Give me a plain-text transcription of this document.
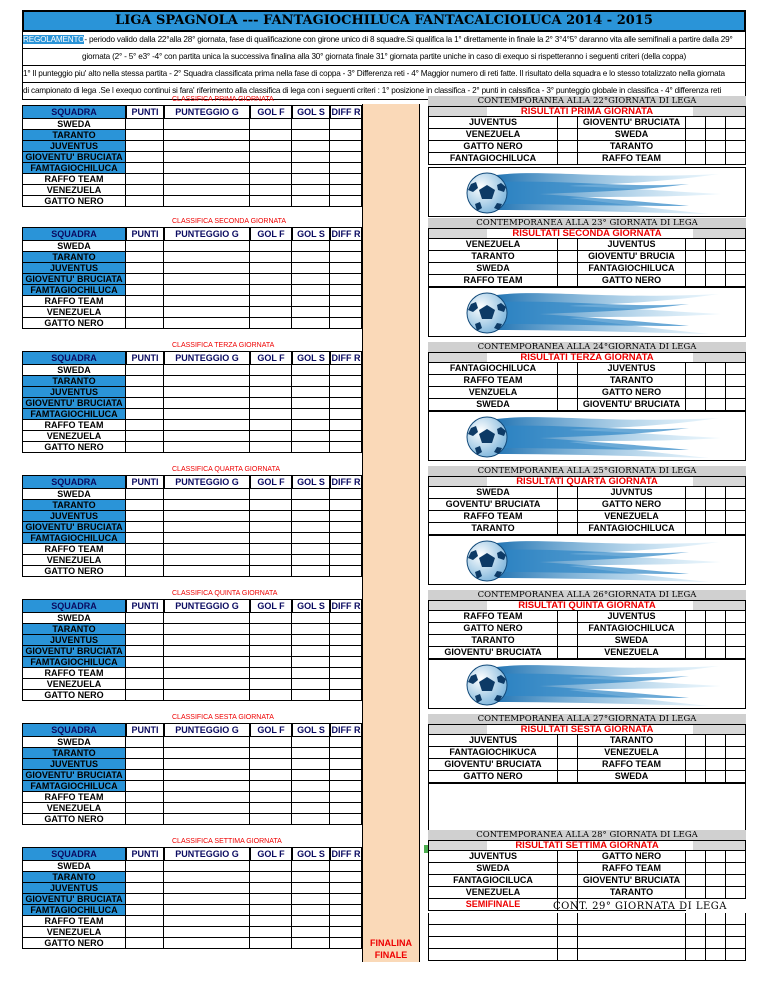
LIGA SPAGNOLA --- FANTAGIOCHILUCA FANTACALCIOLUCA 2014 - 2015
REGOLAMENTO- periodo valido dalla 22°alla 28° giornata, fase di qualificazione con girone unico di 8 squadre.Si qualifica la 1° direttamente in finale la 2° 3°4°5° daranno vita alle semifinali a partire dalla 29°
giornata (2° - 5° e3° -4° con partita unica la successiva finalina alla 30° giornata finale 31° giornata partite uniche in caso di exequo si rispetteranno i seguenti criteri (della coppa)
1° Il punteggio piu' alto nella stessa partita - 2° Squadra classificata prima nella fase di coppa - 3° Differenza reti - 4° Maggior numero di reti fatte. Il risultato della squadra e lo stesso totalizzato nella giornata
di campionato di lega .Se l exequo continui si fara' riferimento alla classifica di lega con i seguenti criteri : 1° posizione in classifica - 2° punti in calssifica - 3° punteggio globale in classifica - 4° differenza reti
CLASSIFICA PRIMA GIORNATA
SQUADRA	PUNTI	PUNTEGGIO G	GOL F	GOL S DIFF R
SWEDA
TARANTO
JUVENTUS
GIOVENTU' BRUCIATA
FAMTAGIOCHILUCA
RAFFO TEAM
VENEZUELA
GATTO NERO
CLASSIFICA SECONDA GIORNATA
SQUADRA	PUNTI	PUNTEGGIO G	GOL F	GOL S DIFF R
SWEDA
TARANTO
JUVENTUS
GIOVENTU' BRUCIATA
FAMTAGIOCHILUCA
RAFFO TEAM
VENEZUELA
GATTO NERO
CLASSIFICA TERZA GIORNATA
SQUADRA	PUNTI	PUNTEGGIO G	GOL F	GOL S DIFF R
SWEDA
TARANTO
JUVENTUS
GIOVENTU' BRUCIATA
FAMTAGIOCHILUCA
RAFFO TEAM
VENEZUELA
GATTO NERO
CLASSIFICA QUARTA GIORNATA
SQUADRA	PUNTI	PUNTEGGIO G	GOL F	GOL S DIFF R
SWEDA
TARANTO
JUVENTUS
GIOVENTU' BRUCIATA
FAMTAGIOCHILUCA
RAFFO TEAM
VENEZUELA
GATTO NERO
CLASSIFICA QUINTA GIORNATA
SQUADRA	PUNTI	PUNTEGGIO G	GOL F	GOL S DIFF R
SWEDA
TARANTO
JUVENTUS
GIOVENTU' BRUCIATA
FAMTAGIOCHILUCA
RAFFO TEAM
VENEZUELA
GATTO NERO
CLASSIFICA SESTA GIORNATA
SQUADRA	PUNTI	PUNTEGGIO G	GOL F	GOL S DIFF R
SWEDA
TARANTO
JUVENTUS
GIOVENTU' BRUCIATA
FAMTAGIOCHILUCA
RAFFO TEAM
VENEZUELA
GATTO NERO
CLASSIFICA SETTIMA GIORNATA
SQUADRA	PUNTI	PUNTEGGIO G	GOL F	GOL S DIFF R
SWEDA
TARANTO
JUVENTUS
GIOVENTU' BRUCIATA
FAMTAGIOCHILUCA
RAFFO TEAM
VENEZUELA
GATTO NERO
CONTEMPORANEA ALLA 22°GIORNATA DI LEGA
RISULTATI PRIMA GIORNATA
JUVENTUS	GIOVENTU' BRUCIATA
VENEZUELA	SWEDA
GATTO NERO	TARANTO
FANTAGIOCHILUCA	RAFFO TEAM
CONTEMPORANEA ALLA 23° GIORNATA DI LEGA
RISULTATI SECONDA GIORNATA
VENEZUELA	JUVENTUS
TARANTO	GIOVENTU' BRUCIA
SWEDA	FANTAGIOCHILUCA
RAFFO TEAM	GATTO NERO
CONTEMPORANEA ALLA 24°GIORNATA DI LEGA
RISULTATI TERZA GIORNATA
FANTAGIOCHILUCA	JUVENTUS
RAFFO TEAM	TARANTO
VENZUELA	GATTO NERO
SWEDA	GIOVENTU' BRUCIATA
CONTEMPORANEA ALLA 25°GIORNATA DI LEGA
RISULTATI QUARTA GIORNATA
SWEDA	JUVNTUS
GOVENTU' BRUCIATA	GATTO NERO
RAFFO TEAM	VENEZUELA
TARANTO	FANTAGIOCHILUCA
CONTEMPORANEA ALLA 26°GIORNATA DI LEGA
RISULTATI QUINTA GIORNATA
RAFFO TEAM	JUVENTUS
GATTO NERO	FANTAGIOCHILUCA
TARANTO	SWEDA
GIOVENTU' BRUCIATA	VENEZUELA
CONTEMPORANEA ALLA 27°GIORNATA DI LEGA
RISULTATI SESTA GIORNATA
JUVENTUS	TARANTO
FANTAGIOCHIKUCA	VENEZUELA
GIOVENTU' BRUCIATA	RAFFO TEAM
GATTO NERO	SWEDA
CONTEMPORANEA ALLA 28° GIORNATA DI LEGA
RISULTATI SETTIMA GIORNATA
JUVENTUS	GATTO NERO
SWEDA	RAFFO TEAM
FANTAGIOCILUCA	GIOVENTU' BRUCIATA
VENEZUELA	TARANTO
SEMIFINALE	CONT. 29° GIORNATA DI LEGA
FINALINA
FINALE
